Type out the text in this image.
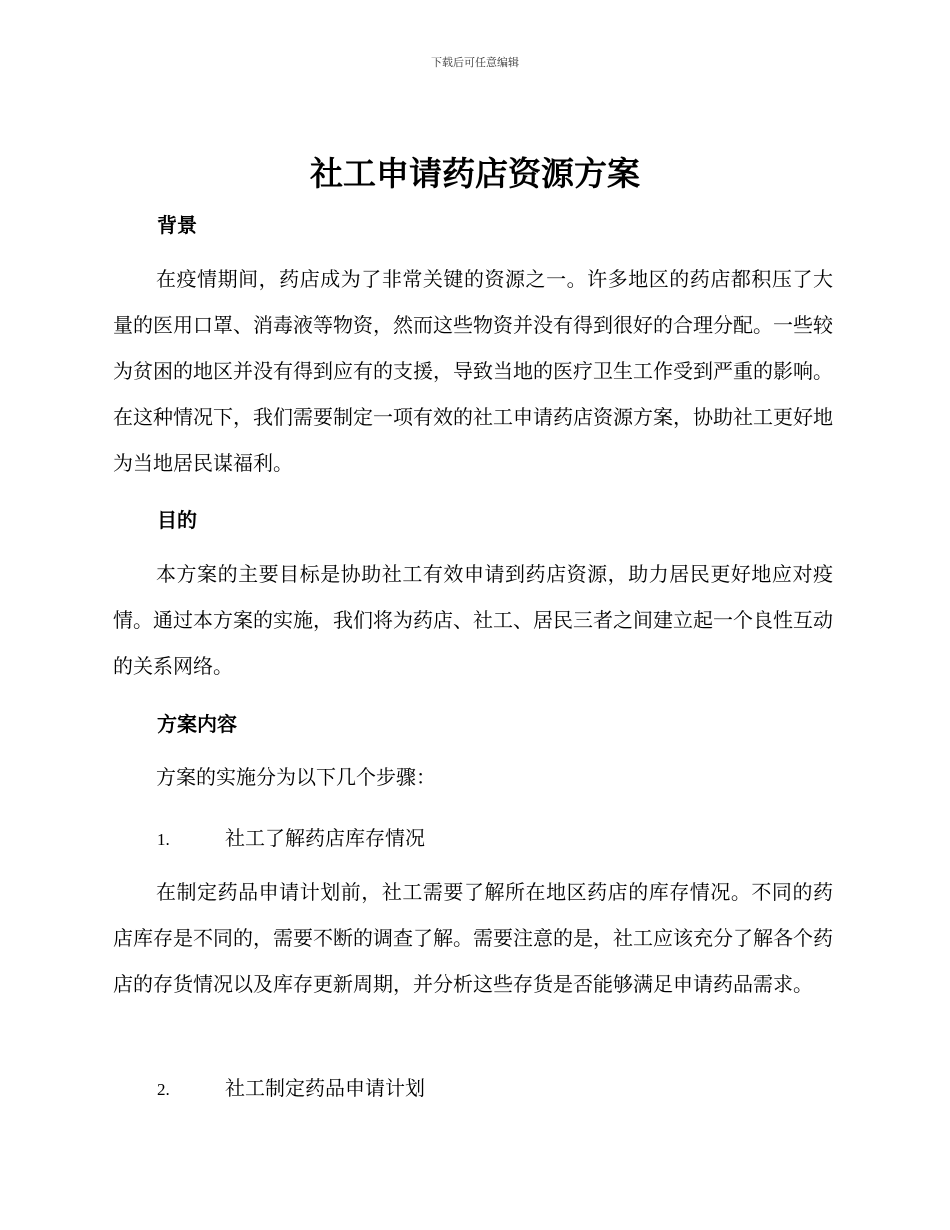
下载后可任意编辑
社工申请药店资源方案
背景
在疫情期间，药店成为了非常关键的资源之一。许多地区的药店都积压了大量的医用口罩、消毒液等物资，然而这些物资并没有得到很好的合理分配。一些较为贫困的地区并没有得到应有的支援，导致当地的医疗卫生工作受到严重的影响。在这种情况下，我们需要制定一项有效的社工申请药店资源方案，协助社工更好地为当地居民谋福利。
目的
本方案的主要目标是协助社工有效申请到药店资源，助力居民更好地应对疫情。通过本方案的实施，我们将为药店、社工、居民三者之间建立起一个良性互动的关系网络。
方案内容
方案的实施分为以下几个步骤：
1.	社工了解药店库存情况
在制定药品申请计划前，社工需要了解所在地区药店的库存情况。不同的药店库存是不同的，需要不断的调查了解。需要注意的是，社工应该充分了解各个药店的存货情况以及库存更新周期，并分析这些存货是否能够满足申请药品需求。
2.	社工制定药品申请计划
